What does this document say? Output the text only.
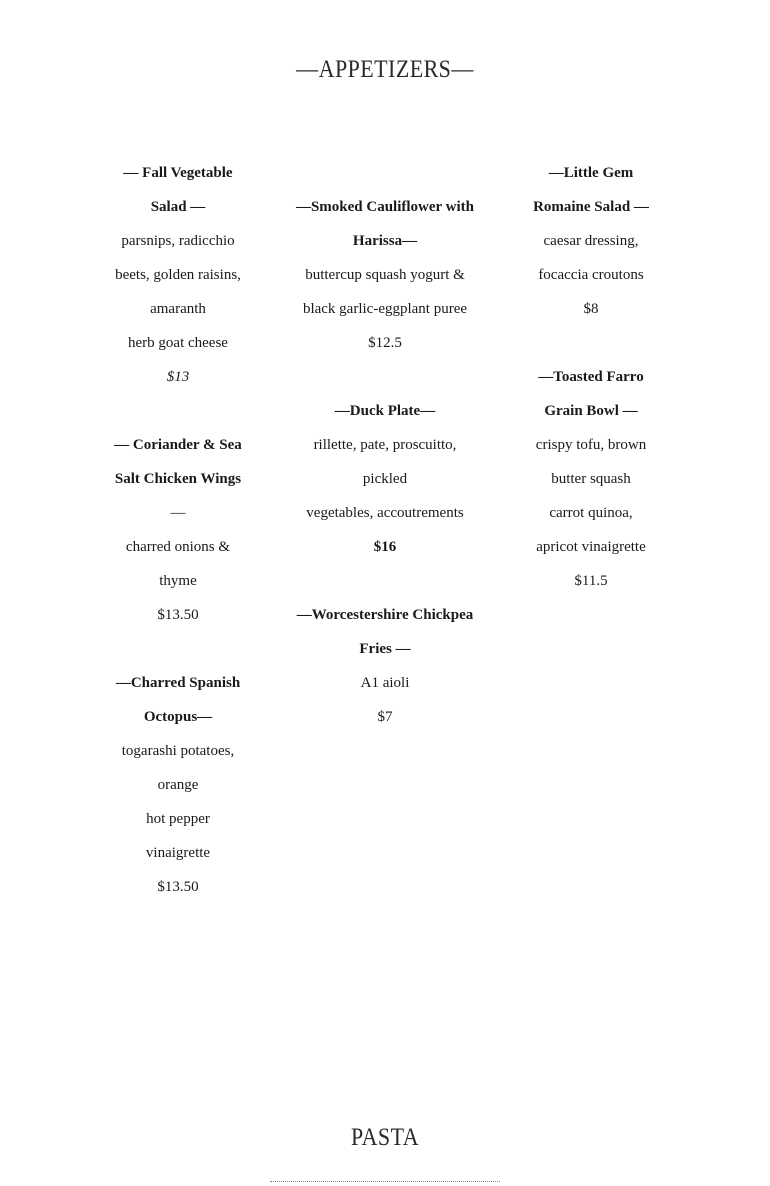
—APPETIZERS—
— Fall Vegetable
Salad —
parsnips, radicchio
beets, golden raisins,
amaranth
herb goat cheese
$13
— Coriander & Sea
Salt Chicken Wings
—
charred onions &
thyme
$13.50
—Charred Spanish
Octopus—
togarashi potatoes,
orange
hot pepper
vinaigrette
$13.50
—Smoked Cauliflower with
Harissa—
buttercup squash yogurt &
black garlic-eggplant puree
$12.5
—Duck Plate—
rillette, pate, proscuitto,
pickled
vegetables, accoutrements
$16
—Worcestershire Chickpea
Fries —
A1 aioli
$7
—Little Gem
Romaine Salad —
caesar dressing,
focaccia croutons
$8
—Toasted Farro
Grain Bowl —
crispy tofu, brown
butter squash
carrot quinoa,
apricot vinaigrette
$11.5
PASTA
